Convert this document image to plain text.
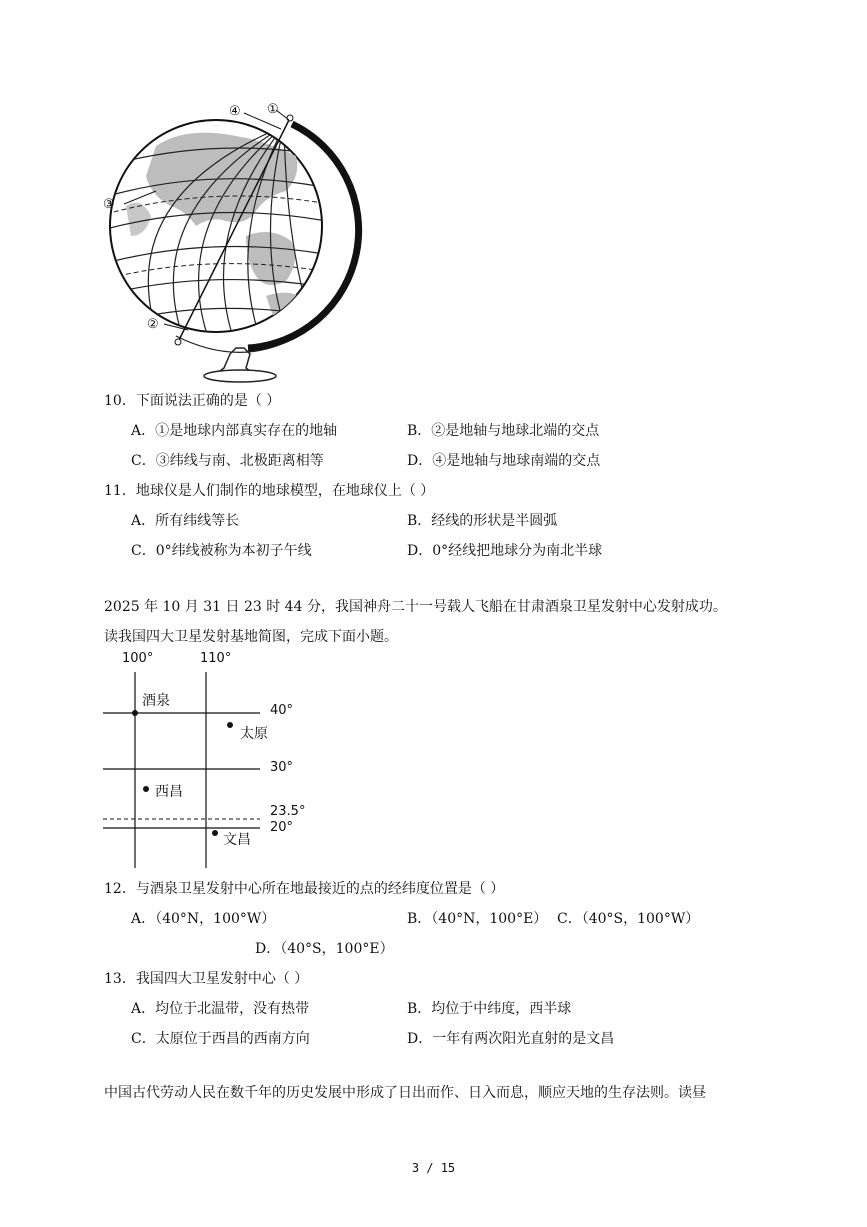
④ ①
③
②
10．下面说法正确的是（ ）
A．①是地球内部真实存在的地轴	B．②是地轴与地球北端的交点
C．③纬线与南、北极距离相等	D．④是地轴与地球南端的交点
11．地球仪是人们制作的地球模型，在地球仪上（ ）
A．所有纬线等长	B．经线的形状是半圆弧
C．0°纬线被称为本初子午线	D．0°经线把地球分为南北半球
2025 年 10 月 31 日 23 时 44 分，我国神舟二十一号载人飞船在甘肃酒泉卫星发射中心发射成功。
读我国四大卫星发射基地简图，完成下面小题。
100°	110°
40°
30°
23.5°
20°
酒泉
太原
西昌
文昌
12．与酒泉卫星发射中心所在地最接近的点的经纬度位置是（ ）
A．（40°N，100°W）	B．（40°N，100°E） C．（40°S，100°W）
D．（40°S，100°E）
13．我国四大卫星发射中心（ ）
A．均位于北温带，没有热带	B．均位于中纬度，西半球
C．太原位于西昌的西南方向	D．一年有两次阳光直射的是文昌
中国古代劳动人民在数千年的历史发展中形成了日出而作、日入而息，顺应天地的生存法则。读昼
3 / 15
